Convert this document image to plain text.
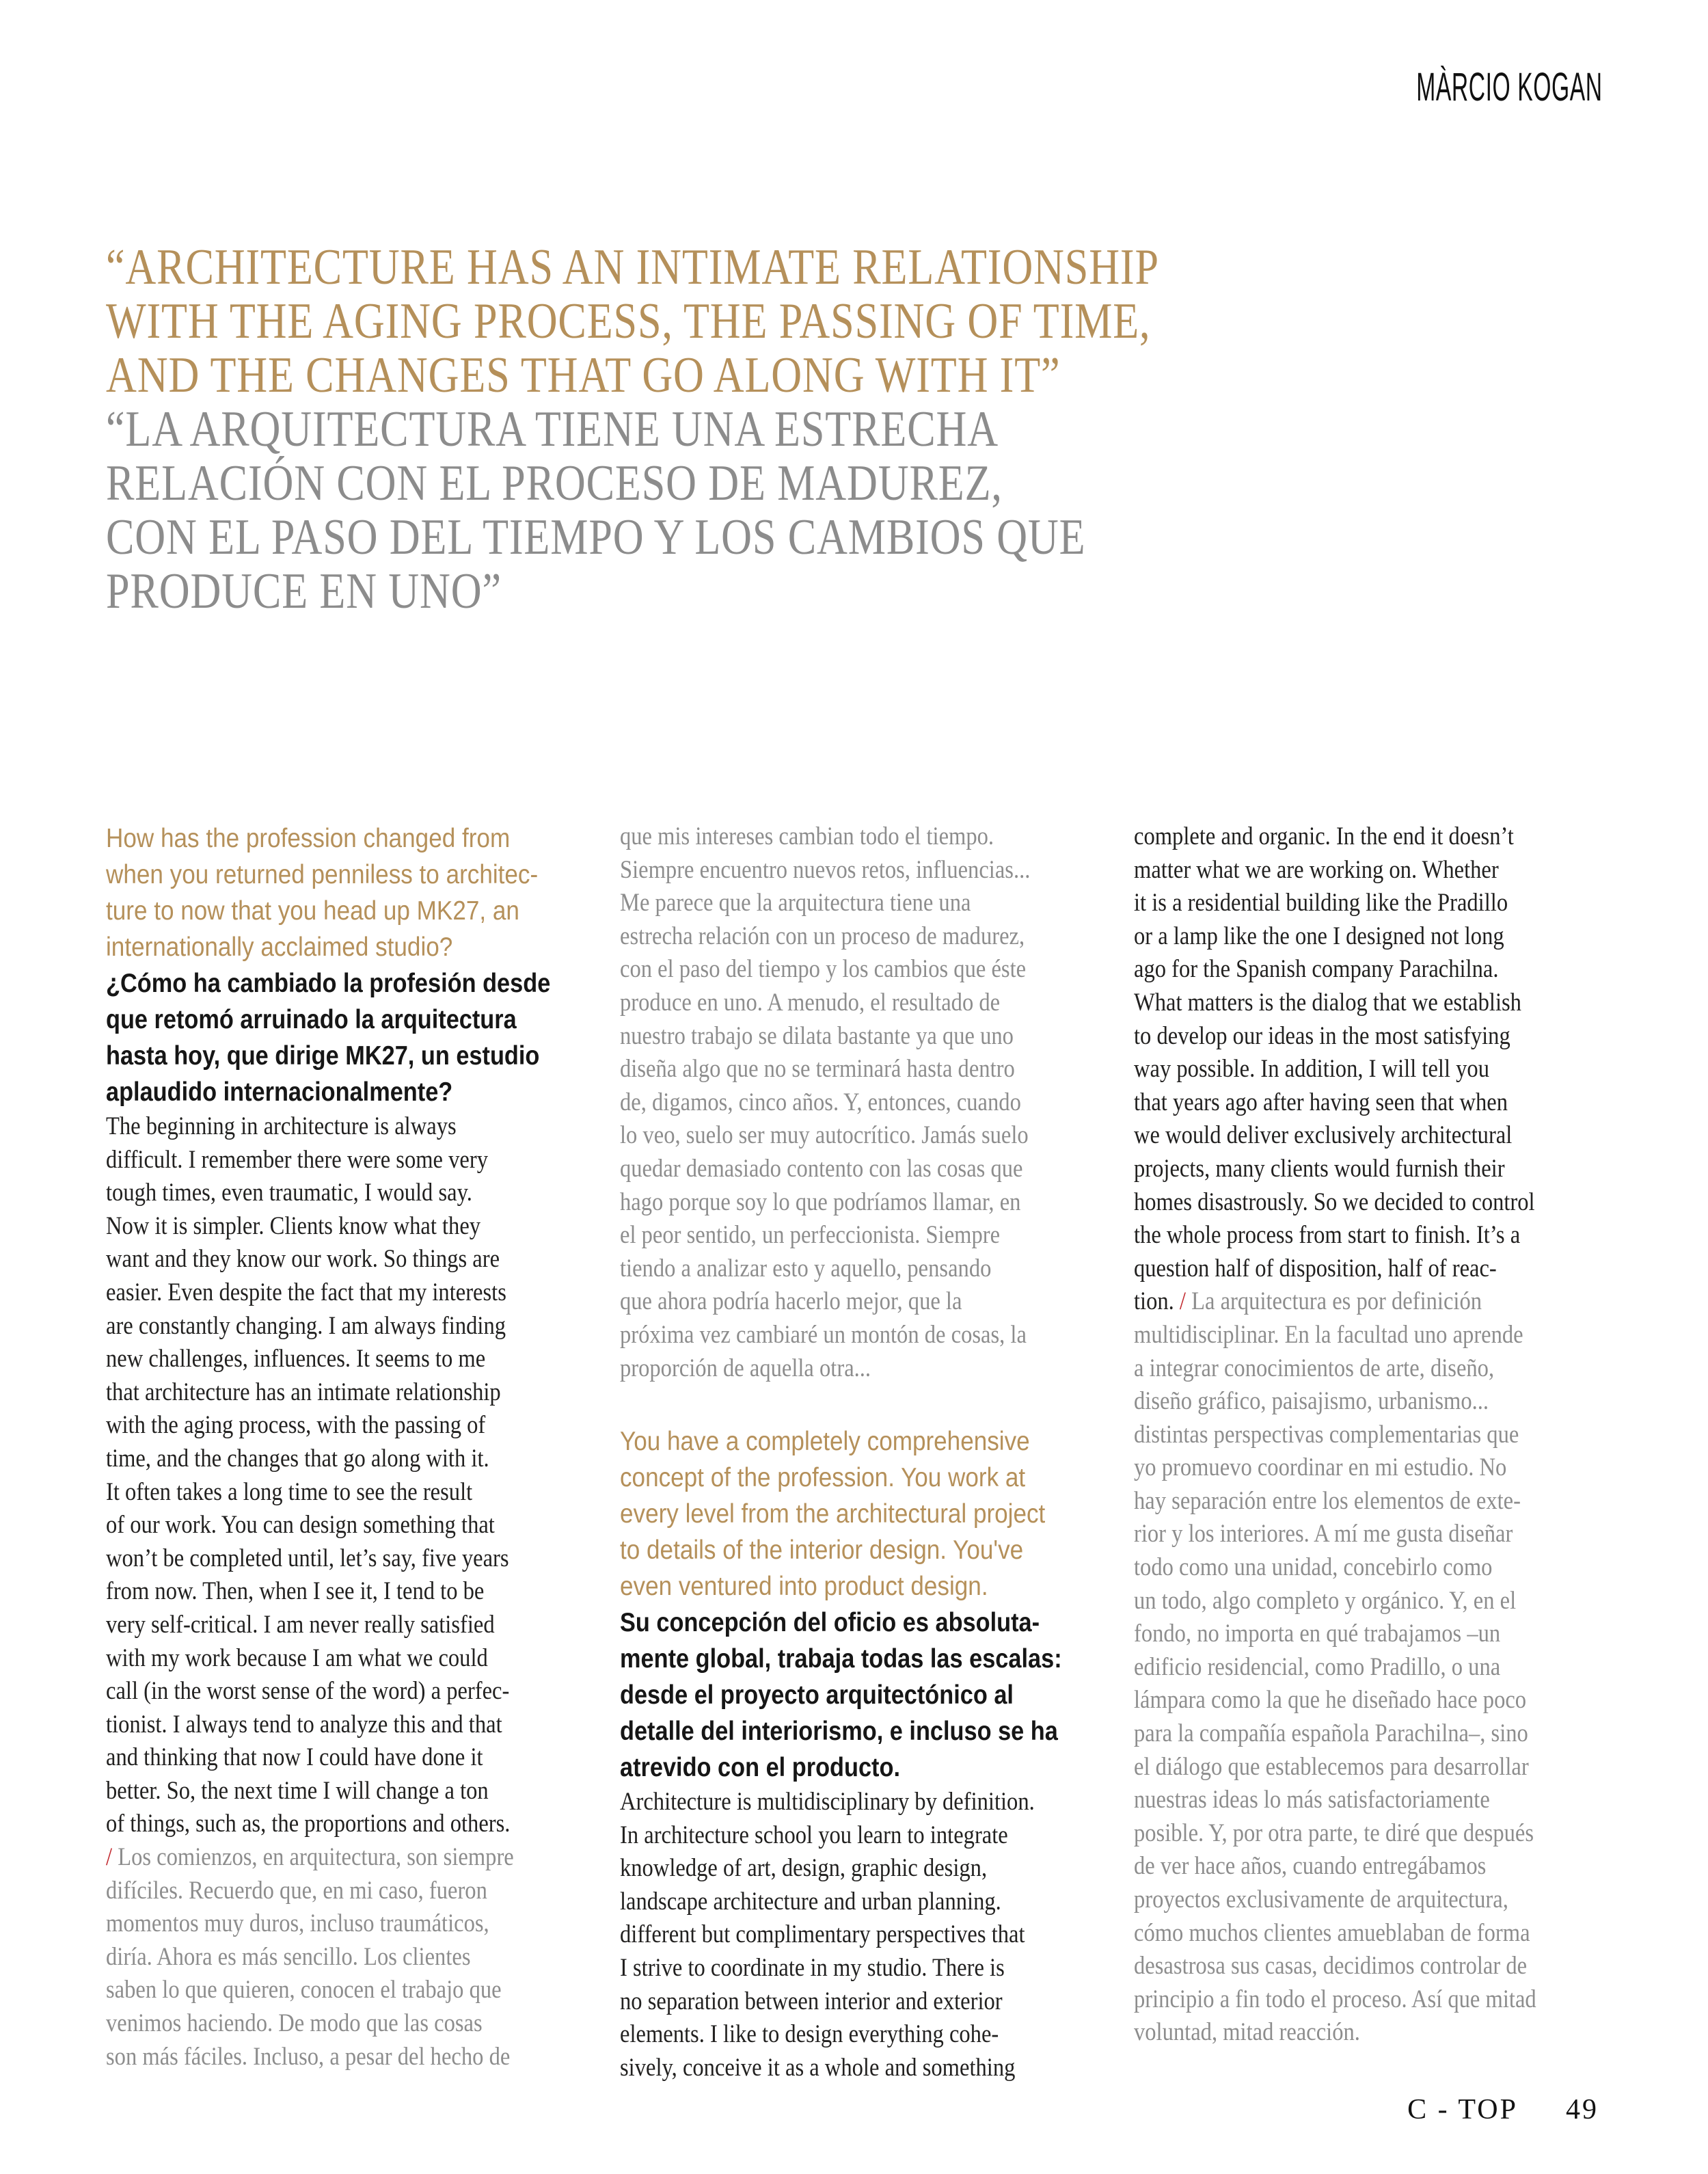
MÀRCIO KOGAN
“ARCHITECTURE HAS AN INTIMATE RELATIONSHIP
WITH THE AGING PROCESS, THE PASSING OF TIME,
AND THE CHANGES THAT GO ALONG WITH IT”
“LA ARQUITECTURA TIENE UNA ESTRECHA
RELACIÓN CON EL PROCESO DE MADUREZ,
CON EL PASO DEL TIEMPO Y LOS CAMBIOS QUE
PRODUCE EN UNO”
How has the profession changed from
when you returned penniless to architec-
ture to now that you head up MK27, an
internationally acclaimed studio?
¿Cómo ha cambiado la profesión desde
que retomó arruinado la arquitectura
hasta hoy, que dirige MK27, un estudio
aplaudido internacionalmente?
The beginning in architecture is always
difficult. I remember there were some very
tough times, even traumatic, I would say.
Now it is simpler. Clients know what they
want and they know our work. So things are
easier. Even despite the fact that my interests
are constantly changing. I am always finding
new challenges, influences. It seems to me
that architecture has an intimate relationship
with the aging process, with the passing of
time, and the changes that go along with it.
It often takes a long time to see the result
of our work. You can design something that
won’t be completed until, let’s say, five years
from now. Then, when I see it, I tend to be
very self-critical. I am never really satisfied
with my work because I am what we could
call (in the worst sense of the word) a perfec-
tionist. I always tend to analyze this and that
and thinking that now I could have done it
better. So, the next time I will change a ton
of things, such as, the proportions and others.
/ Los comienzos, en arquitectura, son siempre
difíciles. Recuerdo que, en mi caso, fueron
momentos muy duros, incluso traumáticos,
diría. Ahora es más sencillo. Los clientes
saben lo que quieren, conocen el trabajo que
venimos haciendo. De modo que las cosas
son más fáciles. Incluso, a pesar del hecho de
que mis intereses cambian todo el tiempo.
Siempre encuentro nuevos retos, influencias...
Me parece que la arquitectura tiene una
estrecha relación con un proceso de madurez,
con el paso del tiempo y los cambios que éste
produce en uno. A menudo, el resultado de
nuestro trabajo se dilata bastante ya que uno
diseña algo que no se terminará hasta dentro
de, digamos, cinco años. Y, entonces, cuando
lo veo, suelo ser muy autocrítico. Jamás suelo
quedar demasiado contento con las cosas que
hago porque soy lo que podríamos llamar, en
el peor sentido, un perfeccionista. Siempre
tiendo a analizar esto y aquello, pensando
que ahora podría hacerlo mejor, que la
próxima vez cambiaré un montón de cosas, la
proporción de aquella otra...
You have a completely comprehensive
concept of the profession. You work at
every level from the architectural project
to details of the interior design. You've
even ventured into product design.
Su concepción del oficio es absoluta-
mente global, trabaja todas las escalas:
desde el proyecto arquitectónico al
detalle del interiorismo, e incluso se ha
atrevido con el producto.
Architecture is multidisciplinary by definition.
In architecture school you learn to integrate
knowledge of art, design, graphic design,
landscape architecture and urban planning.
different but complimentary perspectives that
I strive to coordinate in my studio. There is
no separation between interior and exterior
elements. I like to design everything cohe-
sively, conceive it as a whole and something
complete and organic. In the end it doesn’t
matter what we are working on. Whether
it is a residential building like the Pradillo
or a lamp like the one I designed not long
ago for the Spanish company Parachilna.
What matters is the dialog that we establish
to develop our ideas in the most satisfying
way possible. In addition, I will tell you
that years ago after having seen that when
we would deliver exclusively architectural
projects, many clients would furnish their
homes disastrously. So we decided to control
the whole process from start to finish. It’s a
question half of disposition, half of reac-
tion. / La arquitectura es por definición
multidisciplinar. En la facultad uno aprende
a integrar conocimientos de arte, diseño,
diseño gráfico, paisajismo, urbanismo...
distintas perspectivas complementarias que
yo promuevo coordinar en mi estudio. No
hay separación entre los elementos de exte-
rior y los interiores. A mí me gusta diseñar
todo como una unidad, concebirlo como
un todo, algo completo y orgánico. Y, en el
fondo, no importa en qué trabajamos –un
edificio residencial, como Pradillo, o una
lámpara como la que he diseñado hace poco
para la compañía española Parachilna–, sino
el diálogo que establecemos para desarrollar
nuestras ideas lo más satisfactoriamente
posible. Y, por otra parte, te diré que después
de ver hace años, cuando entregábamos
proyectos exclusivamente de arquitectura,
cómo muchos clientes amueblaban de forma
desastrosa sus casas, decidimos controlar de
principio a fin todo el proceso. Así que mitad
voluntad, mitad reacción.
C - TOP 49
